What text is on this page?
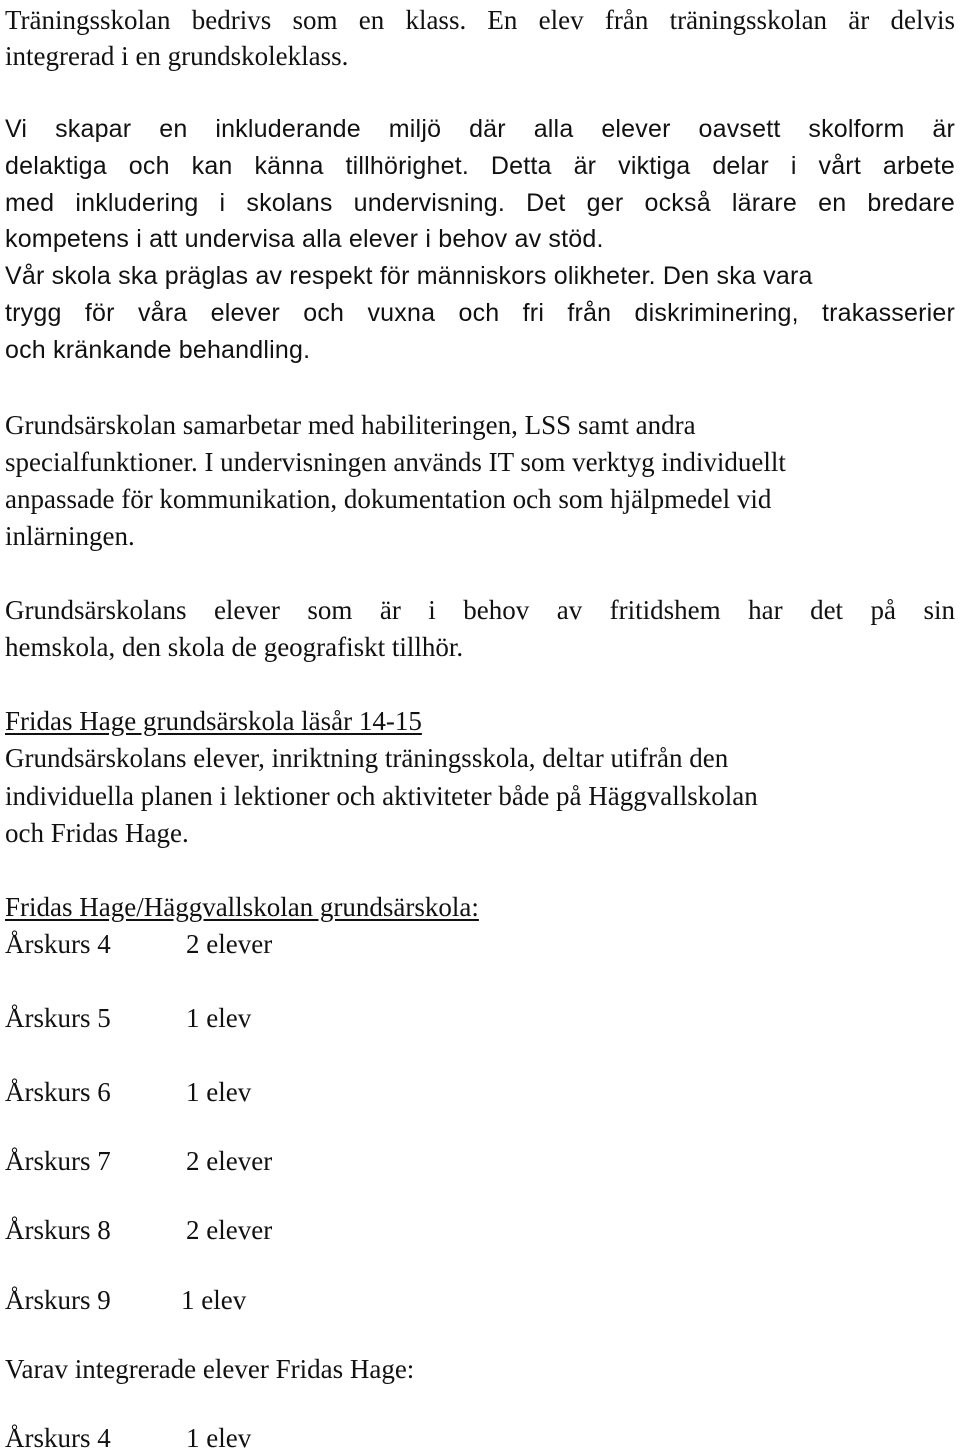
Träningsskolan bedrivs som en klass. En elev från träningsskolan är delvis
integrerad i en grundskoleklass.
Vi skapar en inkluderande miljö där alla elever oavsett skolform är
delaktiga och kan känna tillhörighet. Detta är viktiga delar i vårt arbete
med inkludering i skolans undervisning. Det ger också lärare en bredare
kompetens i att undervisa alla elever i behov av stöd.
Vår skola ska präglas av respekt för människors olikheter. Den ska vara
trygg för våra elever och vuxna och fri från diskriminering, trakasserier
och kränkande behandling.
Grundsärskolan samarbetar med habiliteringen, LSS samt andra
specialfunktioner. I undervisningen används IT som verktyg individuellt
anpassade för kommunikation, dokumentation och som hjälpmedel vid
inlärningen.
Grundsärskolans elever som är i behov av fritidshem har det på sin
hemskola, den skola de geografiskt tillhör.
Fridas Hage grundsärskola läsår 14-15
Grundsärskolans elever, inriktning träningsskola, deltar utifrån den
individuella planen i lektioner och aktiviteter både på Häggvallskolan
och Fridas Hage.
Fridas Hage/Häggvallskolan grundsärskola:
Årskurs 4	2 elever
Årskurs 5	1 elev
Årskurs 6	1 elev
Årskurs 7	2 elever
Årskurs 8	2 elever
Årskurs 9	1 elev
Varav integrerade elever Fridas Hage:
Årskurs 4	1 elev
